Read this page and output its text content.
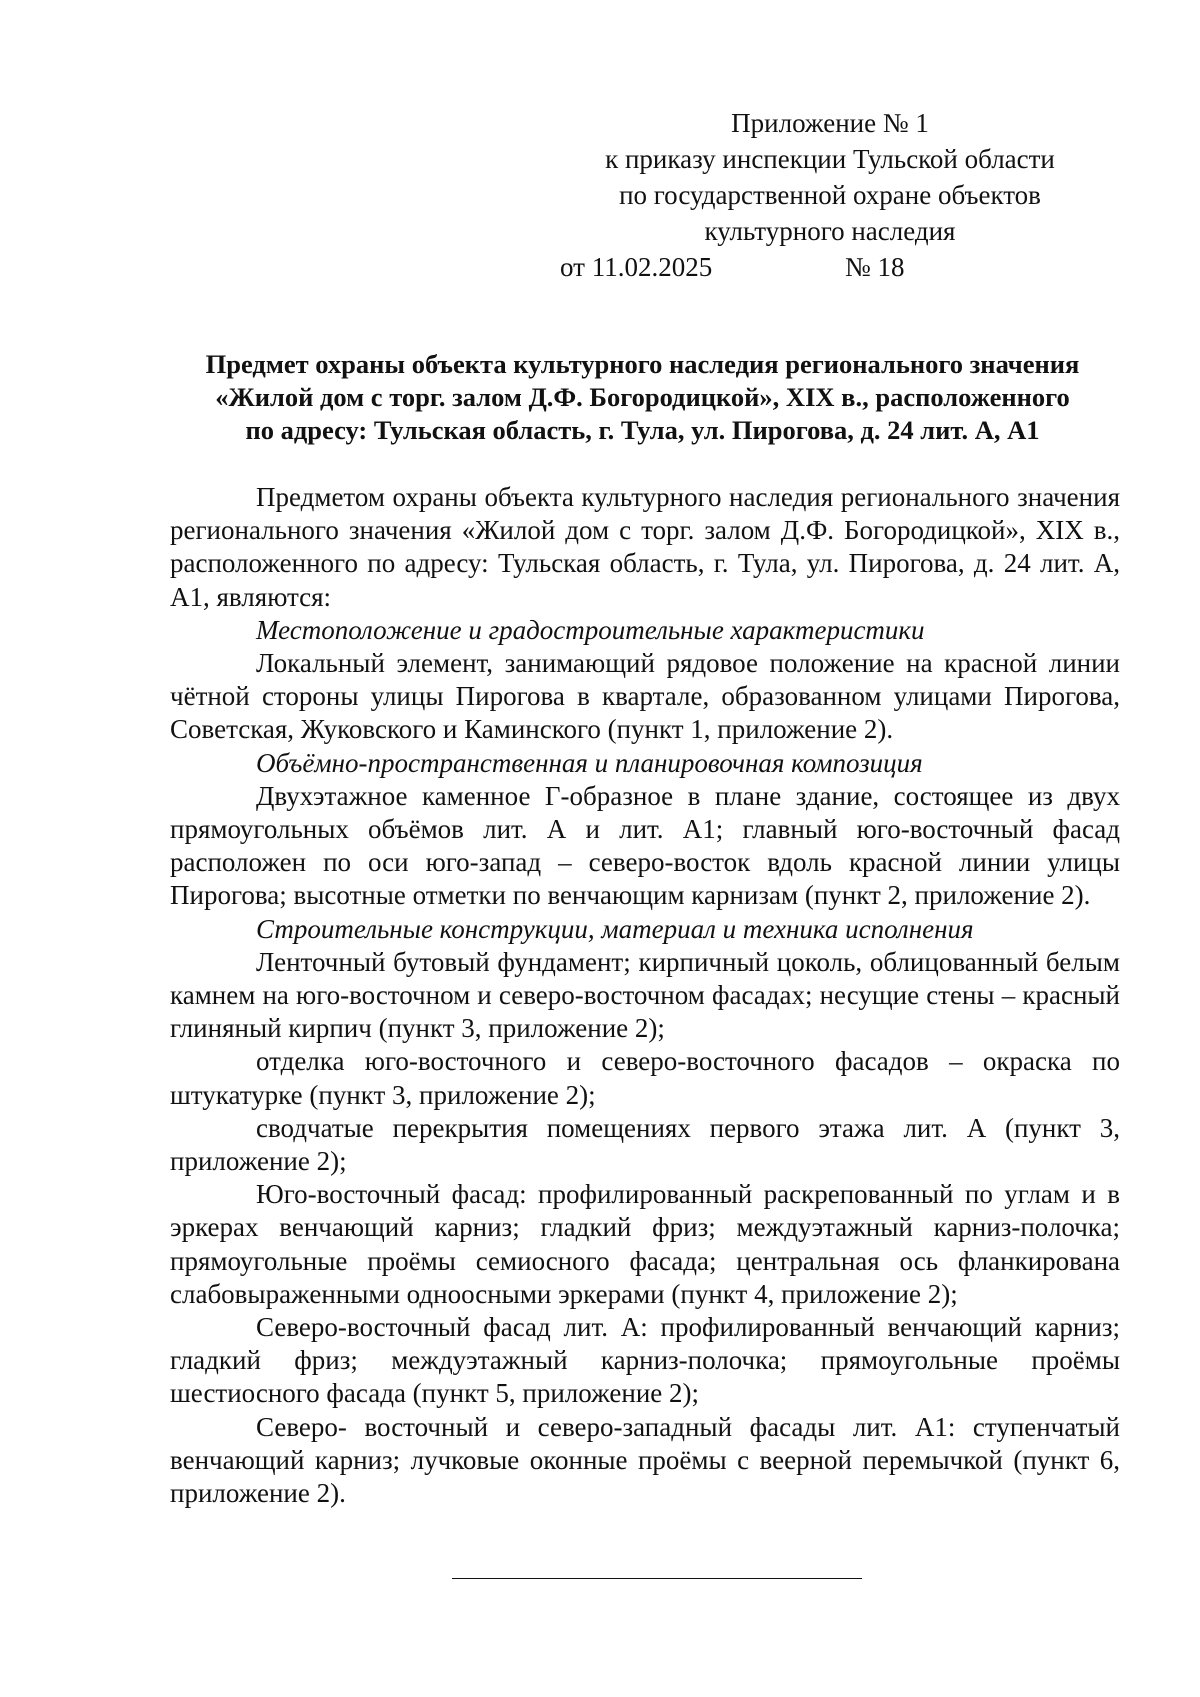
Приложение № 1
к приказу инспекции Тульской области
по государственной охране объектов
культурного наследия
от 11.02.2025	№ 18
Предмет охраны объекта культурного наследия регионального значения
«Жилой дом с торг. залом Д.Ф. Богородицкой», XIX в., расположенного
по адресу: Тульская область, г. Тула, ул. Пирогова, д. 24 лит. А, А1

Предметом охраны объекта культурного наследия регионального значения регионального значения «Жилой дом с торг. залом Д.Ф. Богородицкой», XIX в., расположенного по адресу: Тульская область, г. Тула, ул. Пирогова, д. 24 лит. А, А1, являются:

Местоположение и градостроительные характеристики

Локальный элемент, занимающий рядовое положение на красной линии чётной стороны улицы Пирогова в квартале, образованном улицами Пирогова, Советская, Жуковского и Каминского (пункт 1, приложение 2).

Объёмно-пространственная и планировочная композиция

Двухэтажное каменное Г-образное в плане здание, состоящее из двух прямоугольных объёмов лит. А и лит. А1; главный юго-восточный фасад расположен по оси юго-запад – северо-восток вдоль красной линии улицы Пирогова; высотные отметки по венчающим карнизам (пункт 2, приложение 2).

Строительные конструкции, материал и техника исполнения

Ленточный бутовый фундамент; кирпичный цоколь, облицованный белым камнем на юго-восточном и северо-восточном фасадах; несущие стены – красный глиняный кирпич (пункт 3, приложение 2);

отделка юго-восточного и северо-восточного фасадов – окраска по штукатурке (пункт 3, приложение 2);

сводчатые перекрытия помещениях первого этажа лит. А (пункт 3, приложение 2);

Юго-восточный фасад: профилированный раскрепованный по углам и в эркерах венчающий карниз; гладкий фриз; междуэтажный карниз-полочка; прямоугольные проёмы семиосного фасада; центральная ось фланкирована слабовыраженными одноосными эркерами (пункт 4, приложение 2);

Северо-восточный фасад лит. А: профилированный венчающий карниз; гладкий фриз; междуэтажный карниз-полочка; прямоугольные проёмы шестиосного фасада (пункт 5, приложение 2);

Северо- восточный и северо-западный фасады лит. А1: ступенчатый венчающий карниз; лучковые оконные проёмы с веерной перемычкой (пункт 6, приложение 2).
